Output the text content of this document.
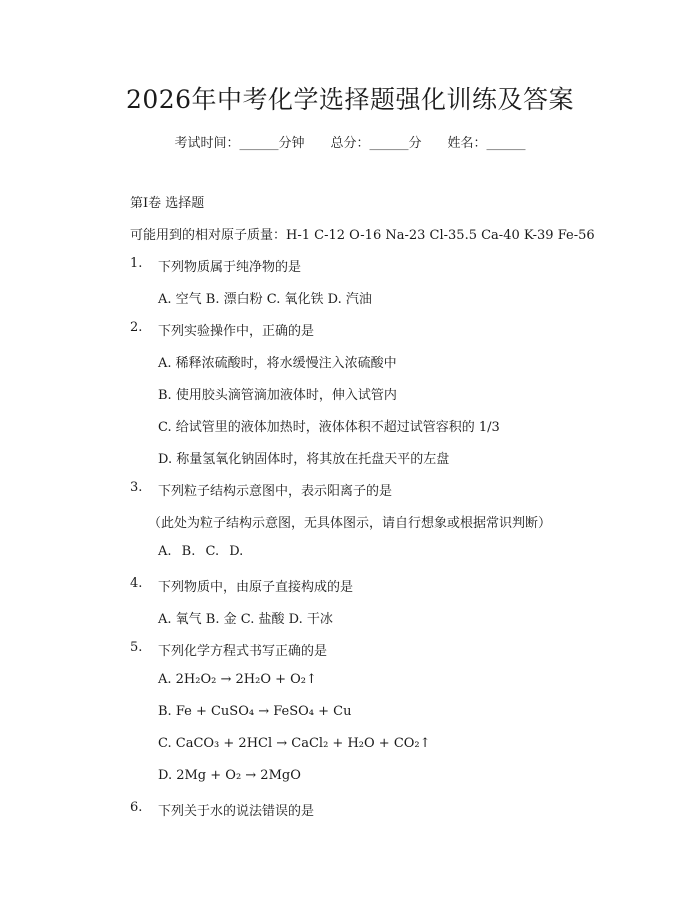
2026年中考化学选择题强化训练及答案
考试时间：______分钟 总分：______分 姓名：______
第Ⅰ卷 选择题
可能用到的相对原子质量：H-1 C-12 O-16 Na-23 Cl-35.5 Ca-40 K-39 Fe-56
1. 下列物质属于纯净物的是
A. 空气 B. 漂白粉 C. 氧化铁 D. 汽油
2. 下列实验操作中，正确的是
A. 稀释浓硫酸时，将水缓慢注入浓硫酸中
B. 使用胶头滴管滴加液体时，伸入试管内
C. 给试管里的液体加热时，液体体积不超过试管容积的 1/3
D. 称量氢氧化钠固体时，将其放在托盘天平的左盘
3. 下列粒子结构示意图中，表示阳离子的是
（此处为粒子结构示意图，无具体图示，请自行想象或根据常识判断）
A. B. C. D.
4. 下列物质中，由原子直接构成的是
A. 氧气 B. 金 C. 盐酸 D. 干冰
5. 下列化学方程式书写正确的是
A. 2H₂O₂ → 2H₂O + O₂↑
B. Fe + CuSO₄ → FeSO₄ + Cu
C. CaCO₃ + 2HCl → CaCl₂ + H₂O + CO₂↑
D. 2Mg + O₂ → 2MgO
6. 下列关于水的说法错误的是
